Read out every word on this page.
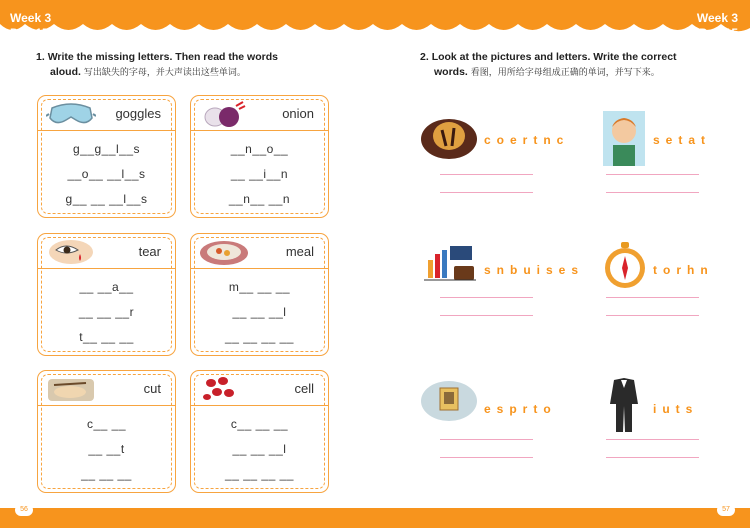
Week 3
Day 15
Week 3
Day 15
1. Write the missing letters. Then read the words
aloud. 写出缺失的字母，并大声读出这些单词。
2. Look at the pictures and letters. Write the correct
words. 看图，用所给字母组成正确的单词，并写下来。
goggles
g__g__l__s
__o__ __l__s
g__ __ __l__s
onion
__n__o__
__ __i__n
__n__ __n
tear
__ __a__
__ __ __r
t__ __ __
meal
m__ __ __
__ __ __l
__ __ __ __
cut
c__ __
__ __t
__ __ __
cell
c__ __ __
__ __ __l
__ __ __ __
coertnc	setat
snbuises	torhn
esprto	iuts
56	57
